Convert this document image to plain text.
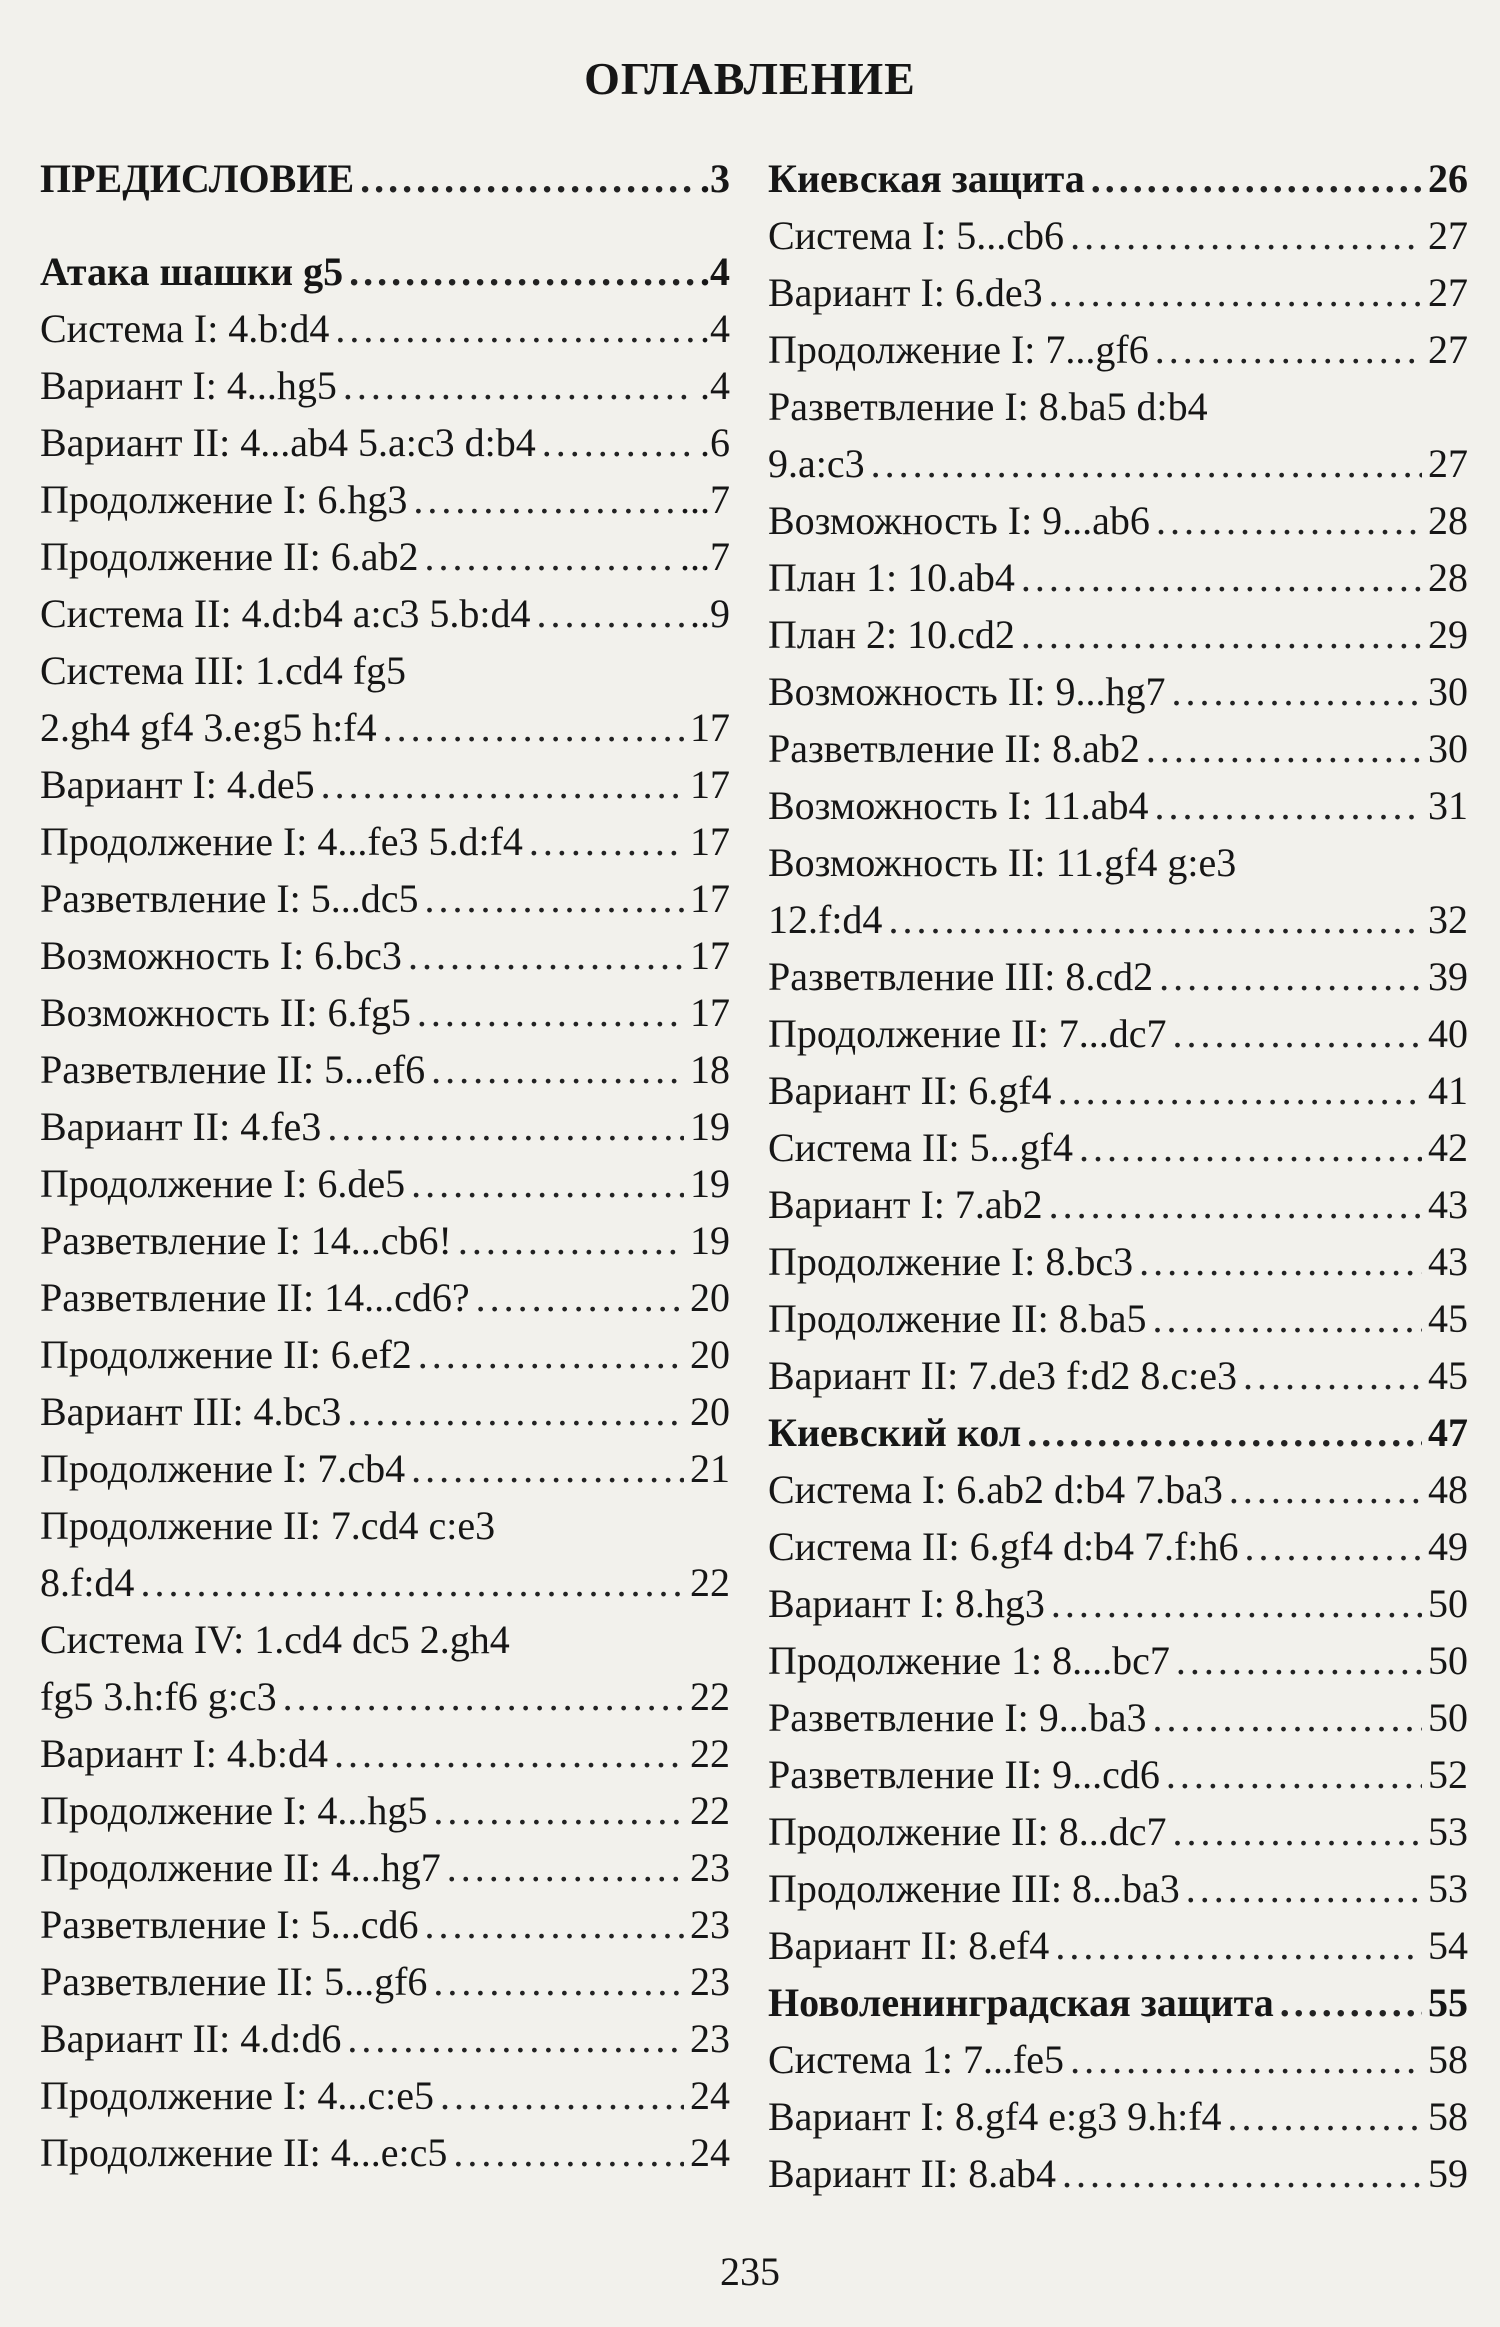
ОГЛАВЛЕНИЕ
ПРЕДИСЛОВИЕ . . .	.3
Атака шашки g5 . . .	.4
Система I: 4.b:d4 . . .	.4
Вариант I: 4...hg5 . . .	.4
Вариант II: 4...ab4 5.a:c3 d:b4 . . .	.6
Продолжение I: 6.hg3 . . .	...7
Продолжение II: 6.ab2 . . .	...7
Система II: 4.d:b4 a:c3 5.b:d4 . . .	..9
Система III: 1.cd4 fg5
2.gh4 gf4 3.e:g5 h:f4 . . .	17
Вариант I: 4.de5 . . .	17
Продолжение I: 4...fe3 5.d:f4 . . .	17
Разветвление I: 5...dc5 . . .	17
Возможность I: 6.bc3 . . .	17
Возможность II: 6.fg5 . . .	17
Разветвление II: 5...ef6 . . .	18
Вариант II: 4.fe3 . . .	19
Продолжение I: 6.de5 . . .	19
Разветвление I: 14...cb6! . . .	19
Разветвление II: 14...cd6? . . .	20
Продолжение II: 6.ef2 . . .	20
Вариант III: 4.bc3 . . .	20
Продолжение I: 7.cb4 . . .	21
Продолжение II: 7.cd4 c:e3
8.f:d4 . . .	22
Система IV: 1.cd4 dc5 2.gh4
fg5 3.h:f6 g:c3 . . .	22
Вариант I: 4.b:d4 . . .	22
Продолжение I: 4...hg5 . . .	22
Продолжение II: 4...hg7 . . .	23
Разветвление I: 5...cd6 . . .	23
Разветвление II: 5...gf6 . . .	23
Вариант II: 4.d:d6 . . .	23
Продолжение I: 4...c:e5 . . .	24
Продолжение II: 4...e:c5 . . .	24
Киевская защита . . .	26
Система I: 5...cb6 . . .	27
Вариант I: 6.de3 . . .	27
Продолжение I: 7...gf6 . . .	27
Разветвление I: 8.ba5 d:b4
9.a:c3 . . .	27
Возможность I: 9...ab6 . . .	28
План 1: 10.ab4 . . .	28
План 2: 10.cd2 . . .	29
Возможность II: 9...hg7 . . .	30
Разветвление II: 8.ab2 . . .	30
Возможность I: 11.ab4 . . .	31
Возможность II: 11.gf4 g:e3
12.f:d4 . . .	32
Разветвление III: 8.cd2 . . .	39
Продолжение II: 7...dc7 . . .	40
Вариант II: 6.gf4 . . .	41
Система II: 5...gf4 . . .	42
Вариант I: 7.ab2 . . .	43
Продолжение I: 8.bc3 . . .	43
Продолжение II: 8.ba5 . . .	45
Вариант II: 7.de3 f:d2 8.c:e3 . . .	45
Киевский кол . . .	47
Система I: 6.ab2 d:b4 7.ba3 . . .	48
Система II: 6.gf4 d:b4 7.f:h6 . . .	49
Вариант I: 8.hg3 . . .	50
Продолжение 1: 8....bc7 . . .	50
Разветвление I: 9...ba3 . . .	50
Разветвление II: 9...cd6 . . .	52
Продолжение II: 8...dc7 . . .	53
Продолжение III: 8...ba3 . . .	53
Вариант II: 8.ef4 . . .	54
Новоленинградская защита . . .	55
Система 1: 7...fe5 . . .	58
Вариант I: 8.gf4 e:g3 9.h:f4 . . .	58
Вариант II: 8.ab4 . . .	59
235
